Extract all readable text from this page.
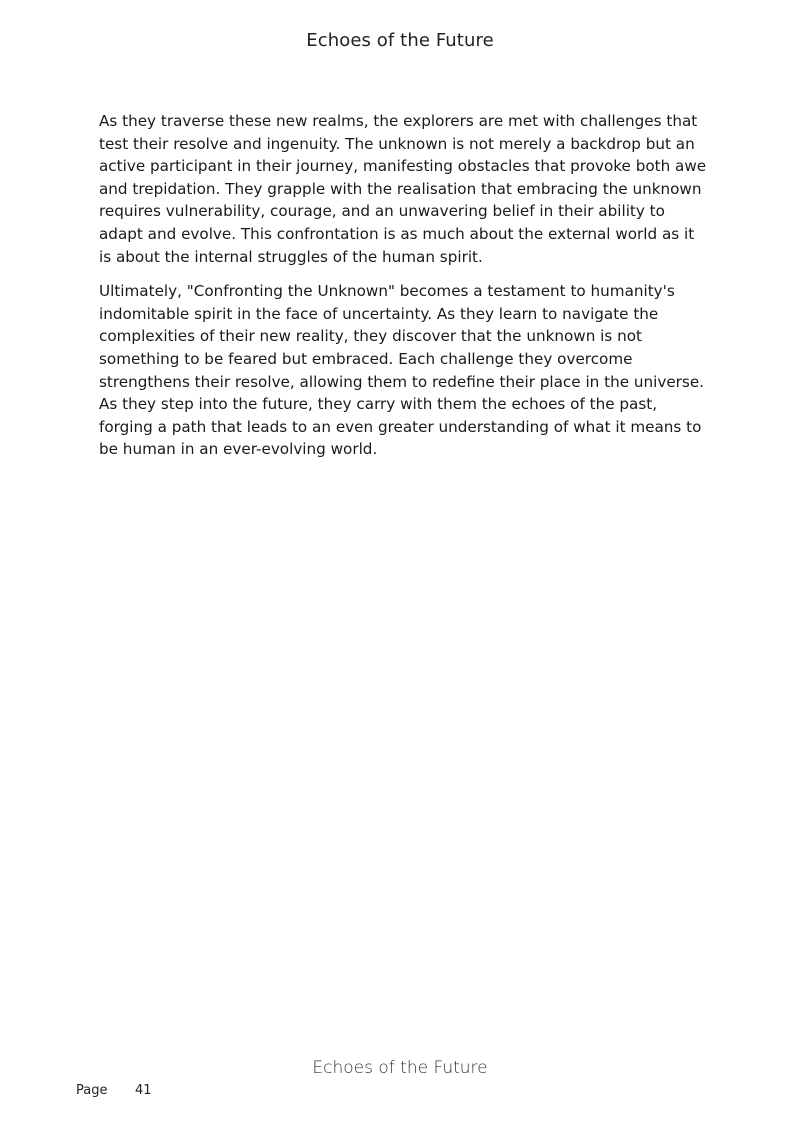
Echoes of the Future

As they traverse these new realms, the explorers are met with challenges that test their resolve and ingenuity. The unknown is not merely a backdrop but an active participant in their journey, manifesting obstacles that provoke both awe and trepidation. They grapple with the realisation that embracing the unknown requires vulnerability, courage, and an unwavering belief in their ability to adapt and evolve. This confrontation is as much about the external world as it is about the internal struggles of the human spirit.

Ultimately, "Confronting the Unknown" becomes a testament to humanity's indomitable spirit in the face of uncertainty. As they learn to navigate the complexities of their new reality, they discover that the unknown is not something to be feared but embraced. Each challenge they overcome strengthens their resolve, allowing them to redefine their place in the universe. As they step into the future, they carry with them the echoes of the past, forging a path that leads to an even greater understanding of what it means to be human in an ever-evolving world.

Echoes of the Future
Page 41
